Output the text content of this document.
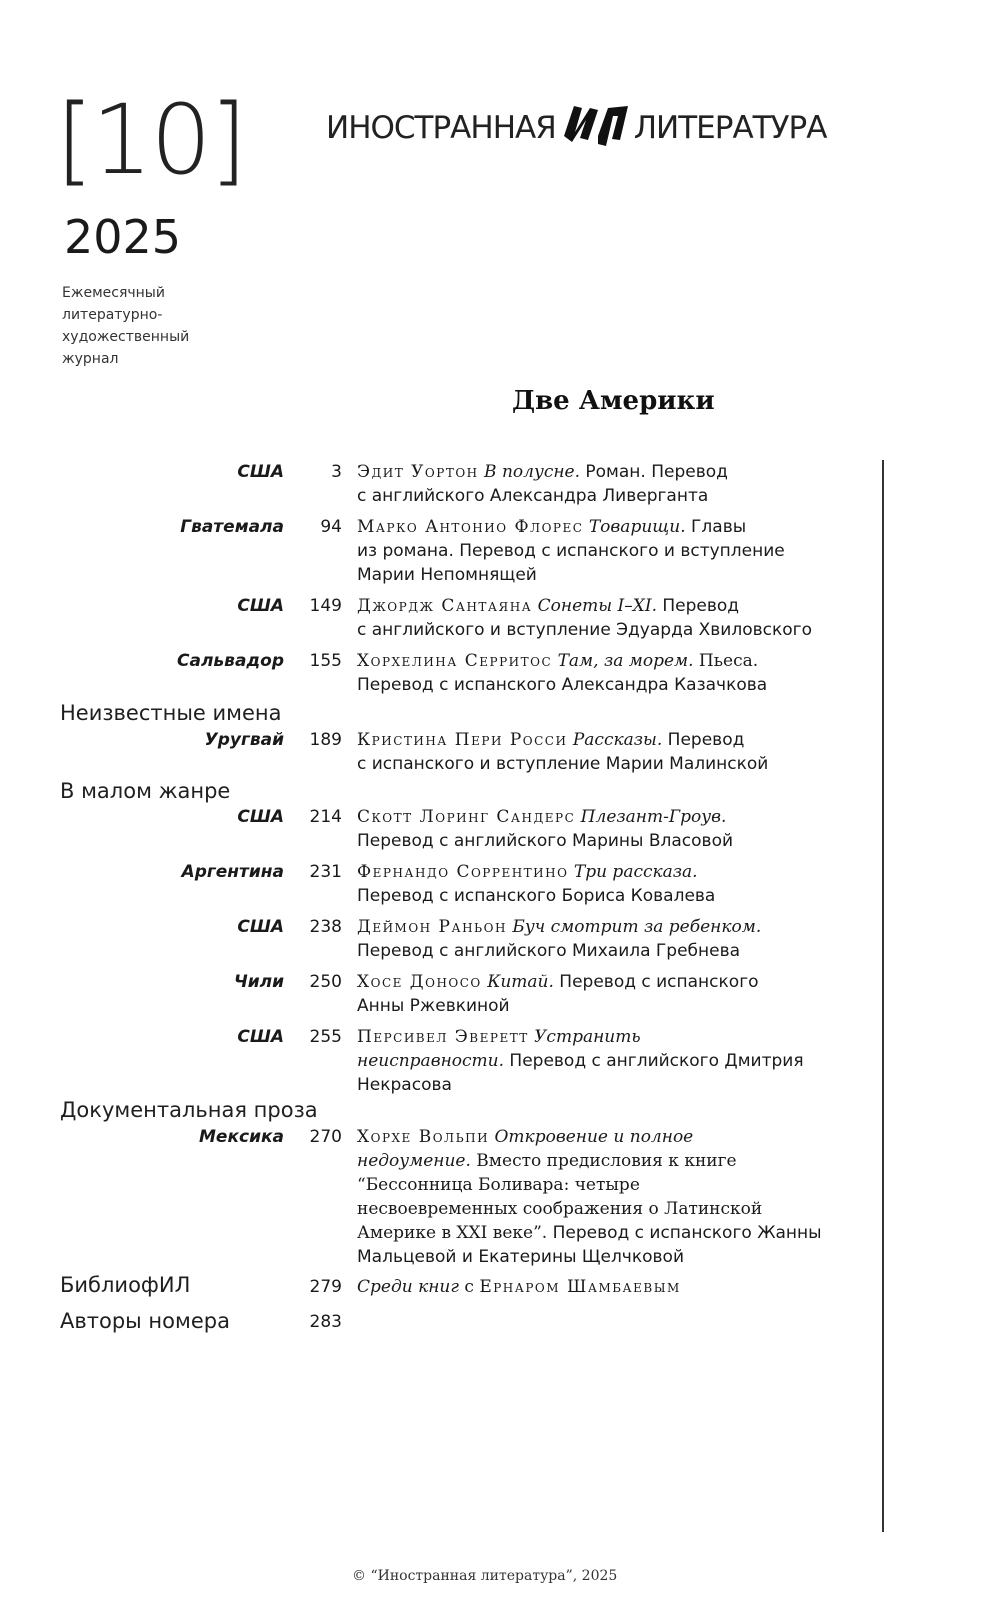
[10]
2025
Ежемесячный
литературно-
художественный
журнал
ИНОСТРАННАЯ	ЛИТЕРАТУРА
Две Америки
Неизвестные имена
В малом жанре
Документальная проза
БиблиофИЛ
Авторы номера
США	3 Эдит Уортон В полусне. Роман. Перевод
с английского Александра Ливерганта
Гватемала 94 Марко Антонио Флорес Товарищи. Главы
из романа. Перевод с испанского и вступление
Марии Непомнящей
США 149 Джордж Сантаяна Сонеты I–XI. Перевод
с английского и вступление Эдуарда Хвиловского
Сальвадор 155 Хорхелина Серритос Там, за морем. Пьеса.
Перевод с испанского Александра Казачкова
Уругвай 189 Кристина Пери Росси Рассказы. Перевод
с испанского и вступление Марии Малинской
США 214 Скотт Лоринг Сандерс Плезант-Гроув.
Перевод с английского Марины Власовой
Аргентина 231 Фернандо Соррентино Три рассказа.
Перевод с испанского Бориса Ковалева
США 238 Деймон Раньон Буч смотрит за ребенком.
Перевод с английского Михаила Гребнева
Чили 250 Хосе Доносо Китай. Перевод с испанского
Анны Ржевкиной
США 255 Персивел Эверетт Устранить
неисправности. Перевод с английского Дмитрия
Некрасова
Мексика 270 Хорхе Вольпи Откровение и полное
недоумение. Вместо предисловия к книге
“Бессонница Боливара: четыре
несвоевременных соображения о Латинской
Америке в XXI веке”. Перевод с испанского Жанны
Мальцевой и Екатерины Щелчковой
279 Среди книг с Ернаром Шамбаевым
283
© “Иностранная литература”, 2025
